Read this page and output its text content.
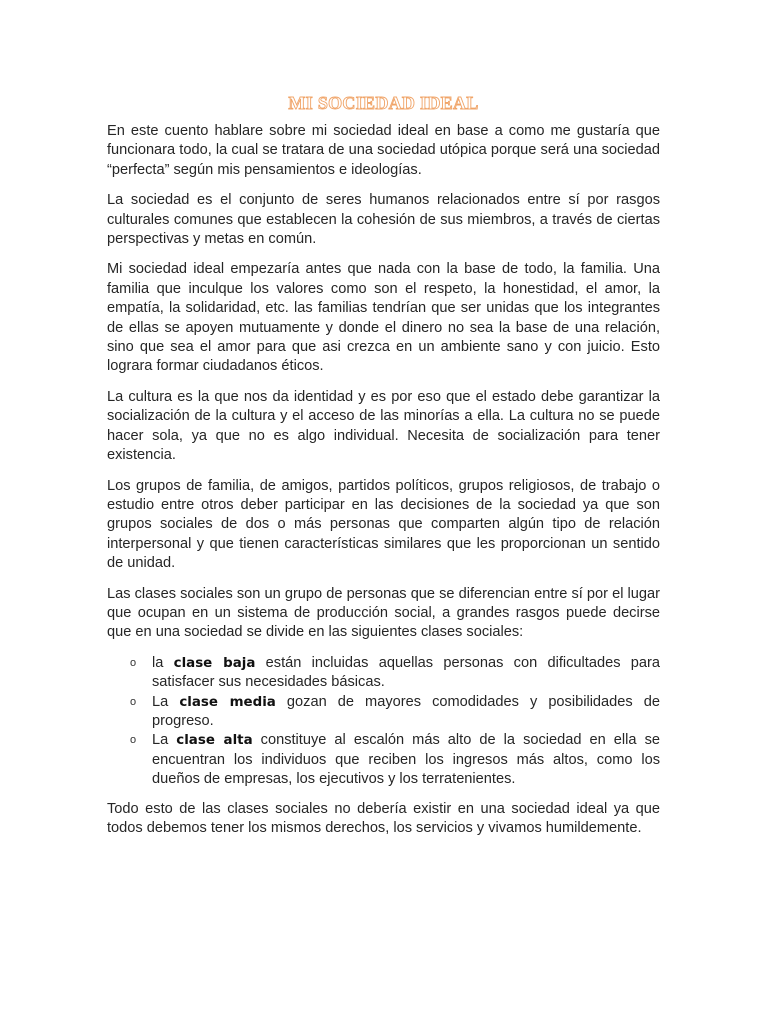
MI SOCIEDAD IDEAL

En este cuento hablare sobre mi sociedad ideal en base a como me gustaría que funcionara todo, la cual se tratara de una sociedad utópica porque será una sociedad “perfecta” según mis pensamientos e ideologías.

La sociedad es el conjunto de seres humanos relacionados entre sí por rasgos culturales comunes que establecen la cohesión de sus miembros, a través de ciertas perspectivas y metas en común.

Mi sociedad ideal empezaría antes que nada con la base de todo, la familia. Una familia que inculque los valores como son el respeto, la honestidad, el amor, la empatía, la solidaridad, etc. las familias tendrían que ser unidas que los integrantes de ellas se apoyen mutuamente y donde el dinero no sea la base de una relación, sino que sea el amor para que asi crezca en un ambiente sano y con juicio. Esto lograra formar ciudadanos éticos.

La cultura es la que nos da identidad y es por eso que el estado debe garantizar la socialización de la cultura y el acceso de las minorías a ella. La cultura no se puede hacer sola, ya que no es algo individual. Necesita de socialización para tener existencia.

Los grupos de familia, de amigos, partidos políticos, grupos religiosos, de trabajo o estudio entre otros deber participar en las decisiones de la sociedad ya que son grupos sociales de dos o más personas que comparten algún tipo de relación interpersonal y que tienen características similares que les proporcionan un sentido de unidad.

Las clases sociales son un grupo de personas que se diferencian entre sí por el lugar que ocupan en un sistema de producción social, a grandes rasgos puede decirse que en una sociedad se divide en las siguientes clases sociales:

o la clase baja están incluidas aquellas personas con dificultades para satisfacer sus necesidades básicas.
o La clase media gozan de mayores comodidades y posibilidades de progreso.
o La clase alta constituye al escalón más alto de la sociedad en ella se encuentran los individuos que reciben los ingresos más altos, como los dueños de empresas, los ejecutivos y los terratenientes.

Todo esto de las clases sociales no debería existir en una sociedad ideal ya que todos debemos tener los mismos derechos, los servicios y vivamos humildemente.
